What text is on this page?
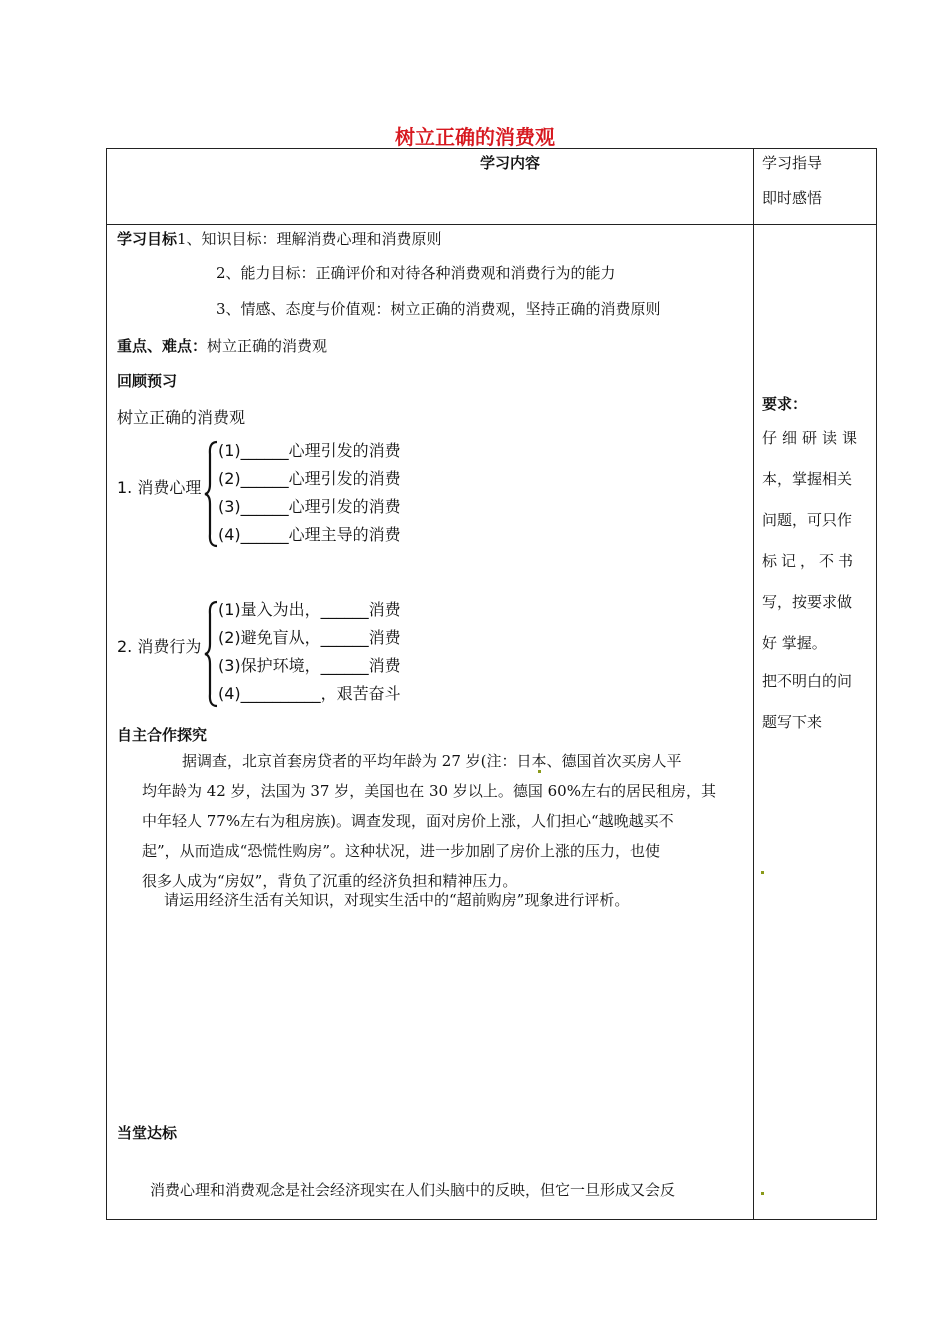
树立正确的消费观
学习内容	学习指导
即时感悟
学习目标1、知识目标：理解消费心理和消费原则
2、能力目标：正确评价和对待各种消费观和消费行为的能力
3、情感、态度与价值观：树立正确的消费观，坚持正确的消费原则
重点、难点：树立正确的消费观
回顾预习
树立正确的消费观
1. 消费心理
(1)______心理引发的消费
(2)______心理引发的消费
(3)______心理引发的消费
(4)______心理主导的消费
2. 消费行为
(1)量入为出，______消费
(2)避免盲从，______消费
(3)保护环境，______消费
(4)__________，艰苦奋斗
自主合作探究
据调查，北京首套房贷者的平均年龄为 27 岁(注：日本、德国首次买房人平
均年龄为 42 岁，法国为 37 岁，美国也在 30 岁以上。德国 60%左右的居民租房，其
中年轻人 77%左右为租房族)。调查发现，面对房价上涨，人们担心“越晚越买不
起”，从而造成“恐慌性购房”。这种状况，进一步加剧了房价上涨的压力，也使
很多人成为“房奴”，背负了沉重的经济负担和精神压力。
请运用经济生活有关知识，对现实生活中的“超前购房”现象进行评析。
当堂达标
消费心理和消费观念是社会经济现实在人们头脑中的反映，但它一旦形成又会反
要求：
仔细研读课
本，掌握相关
问题，可只作
标记，不书
写，按要求做
好 掌握。
把不明白的问
题写下来
